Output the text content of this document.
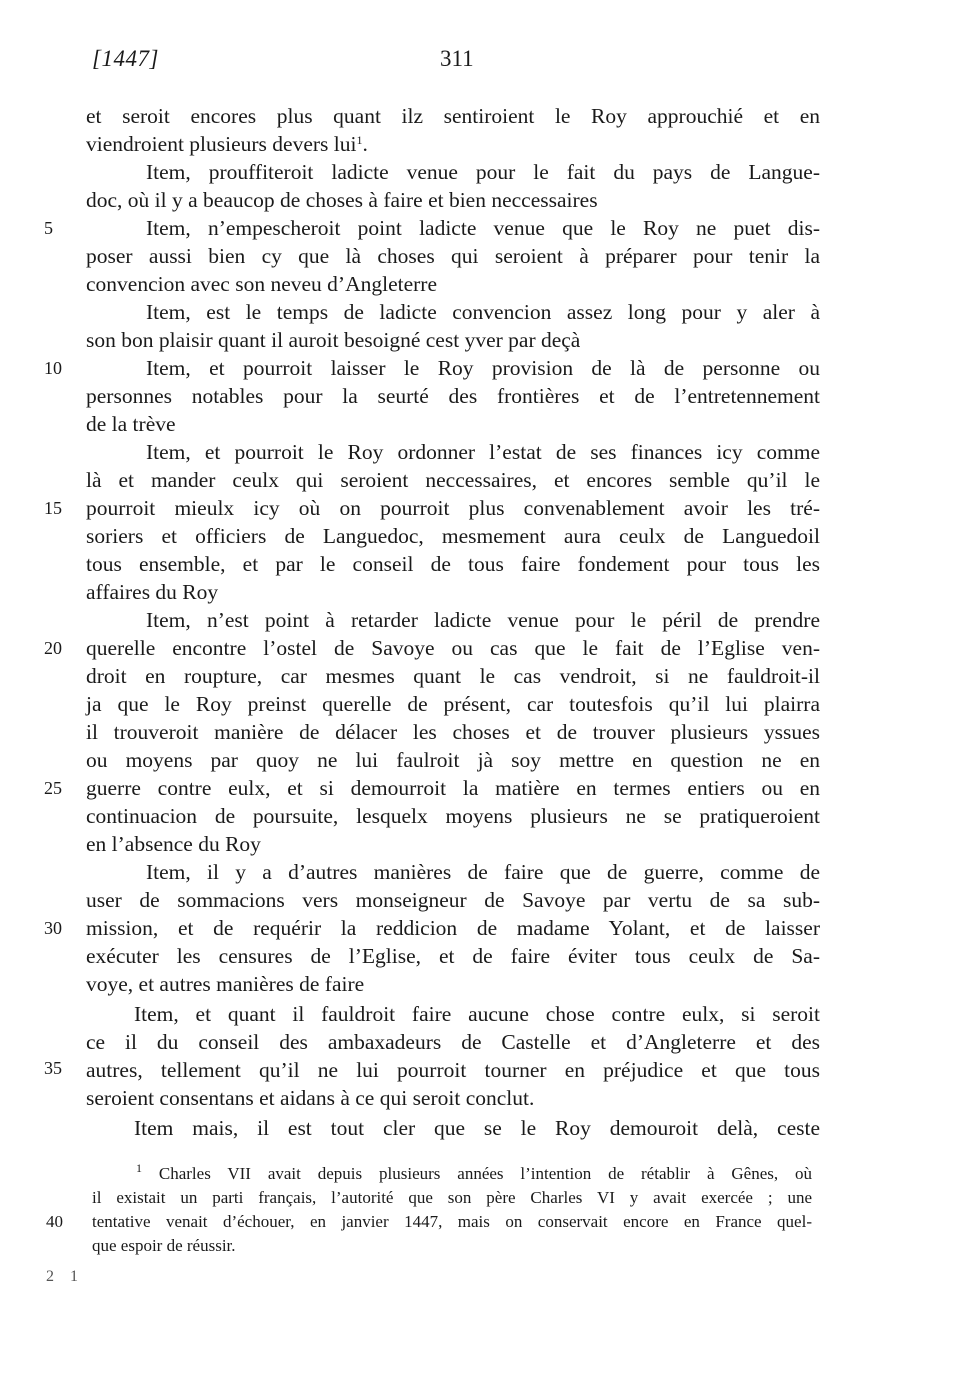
[1447]	311
5
10
15
20
25
30
35
et seroit encores plus quant ilz sentiroient le Roy approuchié et en
viendroient plusieurs devers lui$^1$.
Item, prouffiteroit ladicte venue pour le fait du pays de Langue-
doc, où il y a beaucop de choses à faire et bien neccessaires
Item, n’empescheroit point ladicte venue que le Roy ne puet dis-
poser aussi bien cy que là choses qui seroient à préparer pour tenir la
convencion avec son neveu d’Angleterre
Item, est le temps de ladicte convencion assez long pour y aler à
son bon plaisir quant il auroit besoigné cest yver par deçà
Item, et pourroit laisser le Roy provision de là de personne ou
personnes notables pour la seurté des frontières et de l’entretennement
de la trève
Item, et pourroit le Roy ordonner l’estat de ses finances icy comme
là et mander ceulx qui seroient neccessaires, et encores semble qu’il le
pourroit mieulx icy où on pourroit plus convenablement avoir les tré-
soriers et officiers de Languedoc, mesmement aura ceulx de Languedoil
tous ensemble, et par le conseil de tous faire fondement pour tous les
affaires du Roy
Item, n’est point à retarder ladicte venue pour le péril de prendre
querelle encontre l’ostel de Savoye ou cas que le fait de l’Eglise ven-
droit en roupture, car mesmes quant le cas vendroit, si ne fauldroit-il
ja que le Roy preinst querelle de présent, car toutesfois qu’il lui plairra
il trouveroit manière de délacer les choses et de trouver plusieurs yssues
ou moyens par quoy ne lui faulroit jà soy mettre en question ne en
guerre contre eulx, et si demourroit la matière en termes entiers ou en
continuacion de poursuite, lesquelx moyens plusieurs ne se pratiqueroient
en l’absence du Roy
Item, il y a d’autres manières de faire que de guerre, comme de
user de sommacions vers monseigneur de Savoye par vertu de sa sub-
mission, et de requérir la reddicion de madame Yolant, et de laisser
exécuter les censures de l’Eglise, et de faire éviter tous ceulx de Sa-
voye, et autres manières de faire
Item, et quant il fauldroit faire aucune chose contre eulx, si seroit
ce il du conseil des ambaxadeurs de Castelle et d’Angleterre et des
autres, tellement qu’il ne lui pourroit tourner en préjudice et que tous
seroient consentans et aidans à ce qui seroit conclut.
Item mais, il est tout cler que se le Roy demouroit delà, ceste
$^1$ Charles VII avait depuis plusieurs années l’intention de rétablir à Gênes, où
il existait un parti français, l’autorité que son père Charles VI y avait exercée ; une
40 tentative venait d’échouer, en janvier 1447, mais on conservait encore en France quel-
que espoir de réussir.
2 1
